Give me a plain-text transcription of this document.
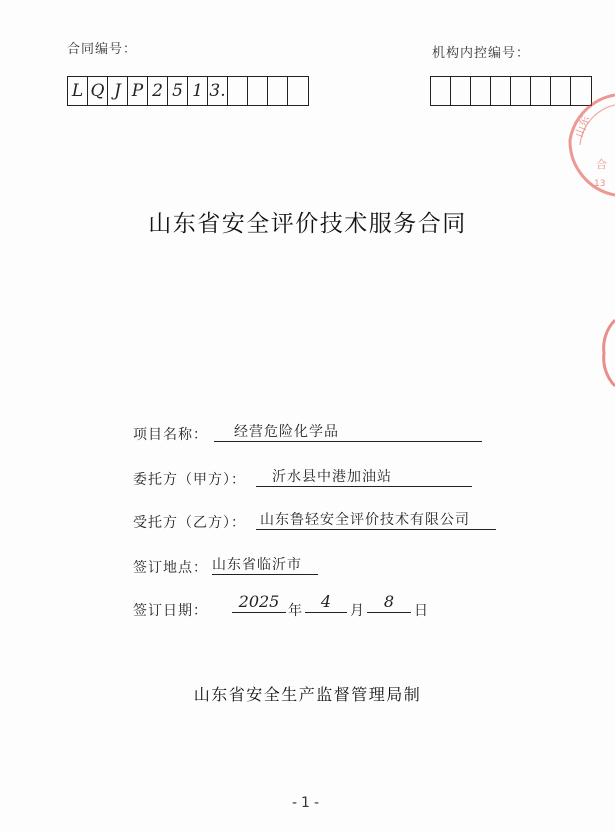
合同编号：
L Q J P 2 5 1 3.
机构内控编号：
山东
合
13
山东省安全评价技术服务合同
项目名称：	经营危险化学品
委托方（甲方）：	沂水县中港加油站
受托方（乙方）： 山东鲁轻安全评价技术有限公司
签订地点： 山东省临沂市
签订日期：	2025 年	4	月	8	日
山东省安全生产监督管理局制
-1-
